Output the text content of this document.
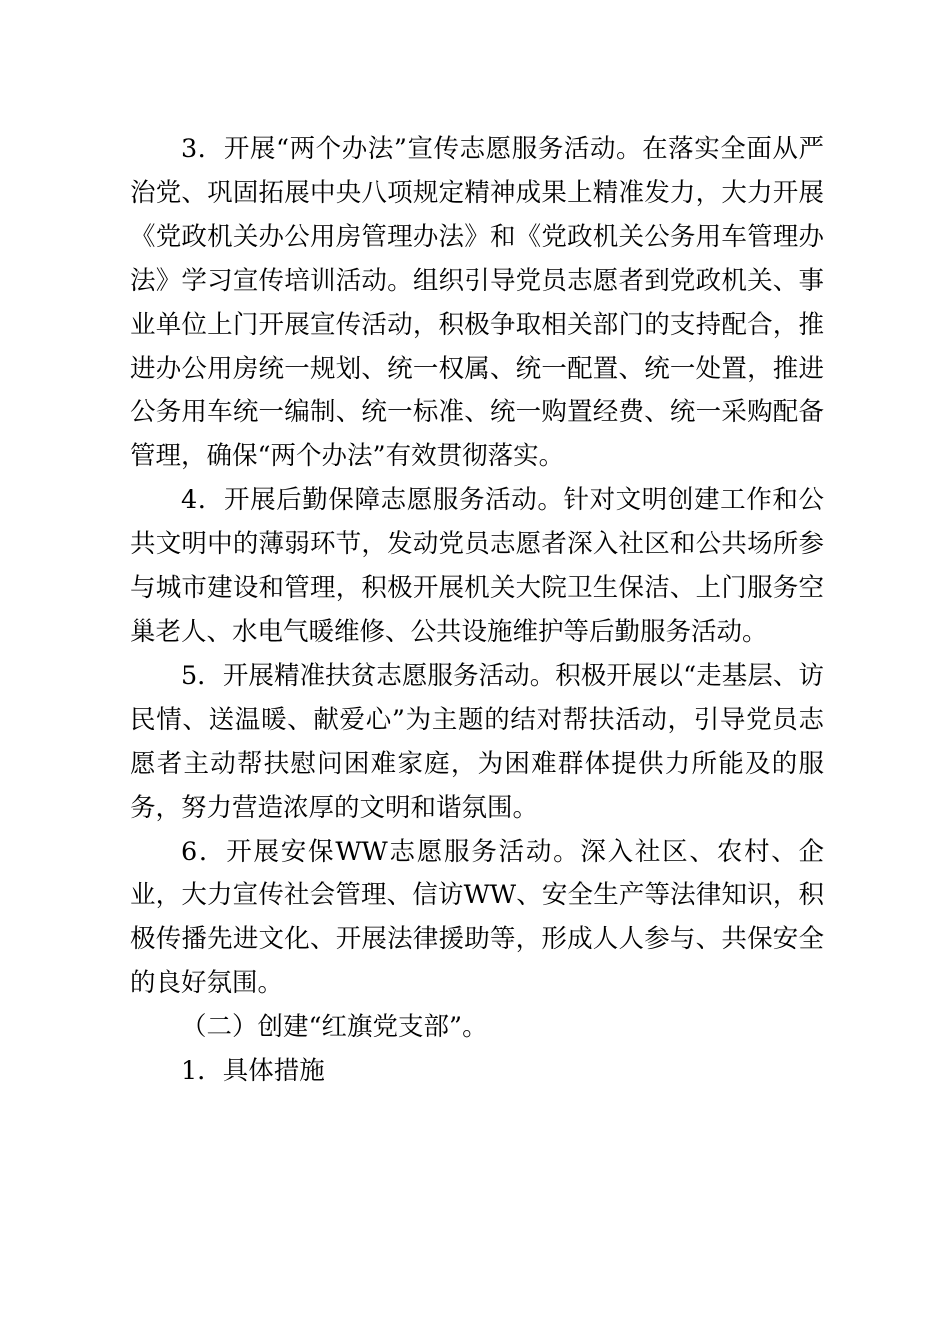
3．开展“两个办法”宣传志愿服务活动。在落实全面从严治党、巩固拓展中央八项规定精神成果上精准发力，大力开展《党政机关办公用房管理办法》和《党政机关公务用车管理办法》学习宣传培训活动。组织引导党员志愿者到党政机关、事业单位上门开展宣传活动，积极争取相关部门的支持配合，推进办公用房统一规划、统一权属、统一配置、统一处置，推进公务用车统一编制、统一标准、统一购置经费、统一采购配备管理，确保“两个办法”有效贯彻落实。

4．开展后勤保障志愿服务活动。针对文明创建工作和公共文明中的薄弱环节，发动党员志愿者深入社区和公共场所参与城市建设和管理，积极开展机关大院卫生保洁、上门服务空巢老人、水电气暖维修、公共设施维护等后勤服务活动。

5．开展精准扶贫志愿服务活动。积极开展以“走基层、访民情、送温暖、献爱心”为主题的结对帮扶活动，引导党员志愿者主动帮扶慰问困难家庭，为困难群体提供力所能及的服务，努力营造浓厚的文明和谐氛围。

6．开展安保WW志愿服务活动。深入社区、农村、企业，大力宣传社会管理、信访WW、安全生产等法律知识，积极传播先进文化、开展法律援助等，形成人人参与、共保安全的良好氛围。

（二）创建“红旗党支部”。

1．具体措施
